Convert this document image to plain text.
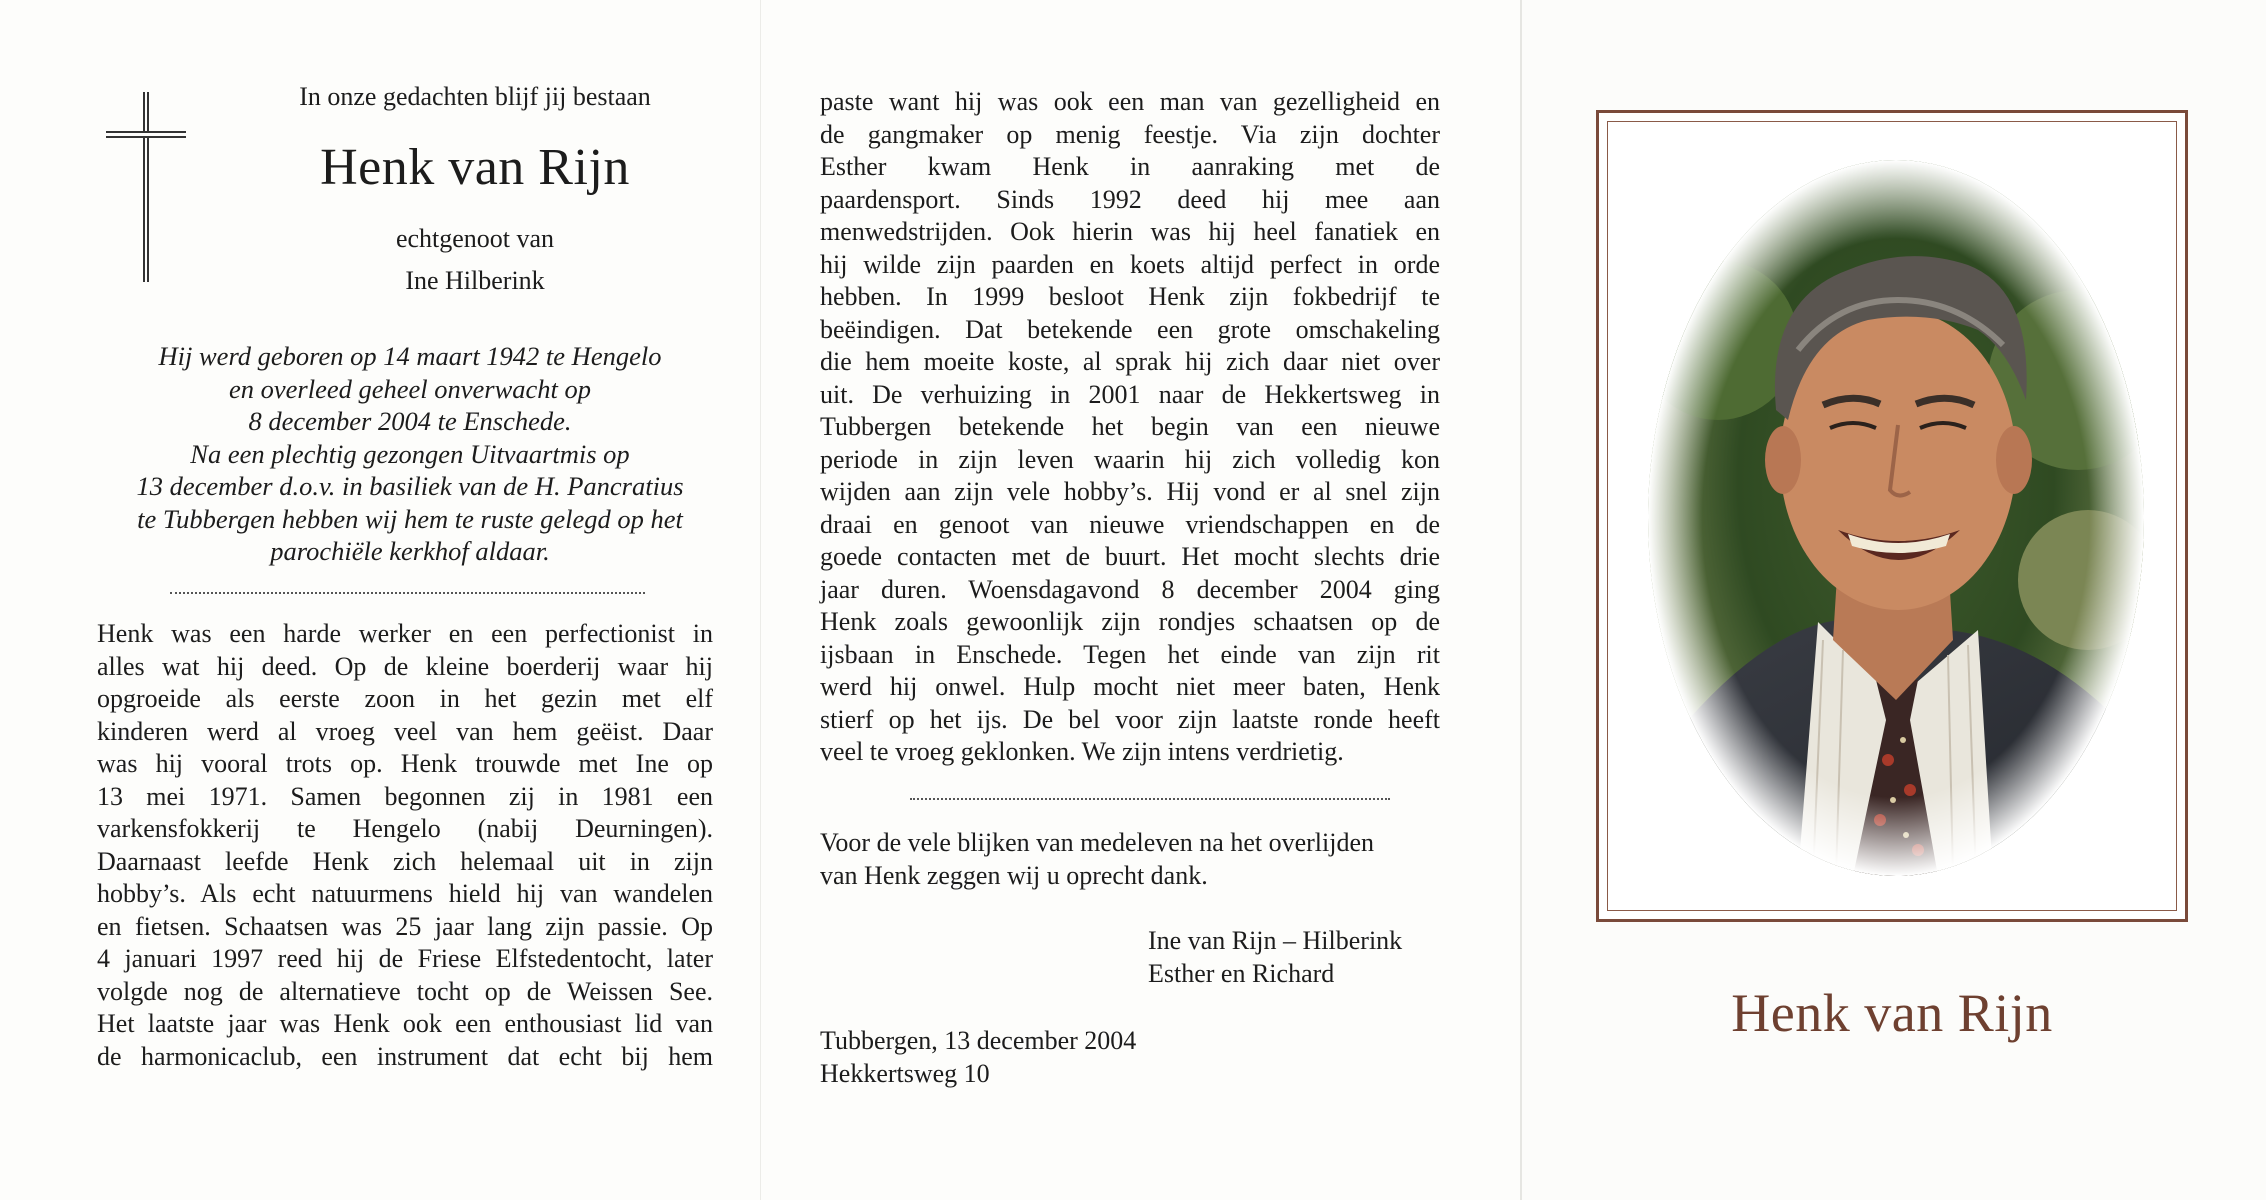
In onze gedachten blijf jij bestaan
Henk van Rijn
echtgenoot van
Ine Hilberink
Hij werd geboren op 14 maart 1942 te Hengelo
en overleed geheel onverwacht op
8 december 2004 te Enschede.
Na een plechtig gezongen Uitvaartmis op
13 december d.o.v. in basiliek van de H. Pancratius
te Tubbergen hebben wij hem te ruste gelegd op het
parochiële kerkhof aldaar.
Henk was een harde werker en een perfectionist in
alles wat hij deed. Op de kleine boerderij waar hij
opgroeide als eerste zoon in het gezin met elf
kinderen werd al vroeg veel van hem geëist. Daar
was hij vooral trots op. Henk trouwde met Ine op
13 mei 1971. Samen begonnen zij in 1981 een
varkensfokkerij te Hengelo (nabij Deurningen).
Daarnaast leefde Henk zich helemaal uit in zijn
hobby’s. Als echt natuurmens hield hij van wandelen
en fietsen. Schaatsen was 25 jaar lang zijn passie. Op
4 januari 1997 reed hij de Friese Elfstedentocht, later
volgde nog de alternatieve tocht op de Weissen See.
Het laatste jaar was Henk ook een enthousiast lid van
de harmonicaclub, een instrument dat echt bij hem
paste want hij was ook een man van gezelligheid en
de gangmaker op menig feestje. Via zijn dochter
Esther kwam Henk in aanraking met de
paardensport. Sinds 1992 deed hij mee aan
menwedstrijden. Ook hierin was hij heel fanatiek en
hij wilde zijn paarden en koets altijd perfect in orde
hebben. In 1999 besloot Henk zijn fokbedrijf te
beëindigen. Dat betekende een grote omschakeling
die hem moeite koste, al sprak hij zich daar niet over
uit. De verhuizing in 2001 naar de Hekkertsweg in
Tubbergen betekende het begin van een nieuwe
periode in zijn leven waarin hij zich volledig kon
wijden aan zijn vele hobby’s. Hij vond er al snel zijn
draai en genoot van nieuwe vriendschappen en de
goede contacten met de buurt. Het mocht slechts drie
jaar duren. Woensdagavond 8 december 2004 ging
Henk zoals gewoonlijk zijn rondjes schaatsen op de
ijsbaan in Enschede. Tegen het einde van zijn rit
werd hij onwel. Hulp mocht niet meer baten, Henk
stierf op het ijs. De bel voor zijn laatste ronde heeft
veel te vroeg geklonken. We zijn intens verdrietig.
Voor de vele blijken van medeleven na het overlijden
van Henk zeggen wij u oprecht dank.
Ine van Rijn – Hilberink
Esther en Richard
Tubbergen, 13 december 2004
Hekkertsweg 10
Henk van Rijn
